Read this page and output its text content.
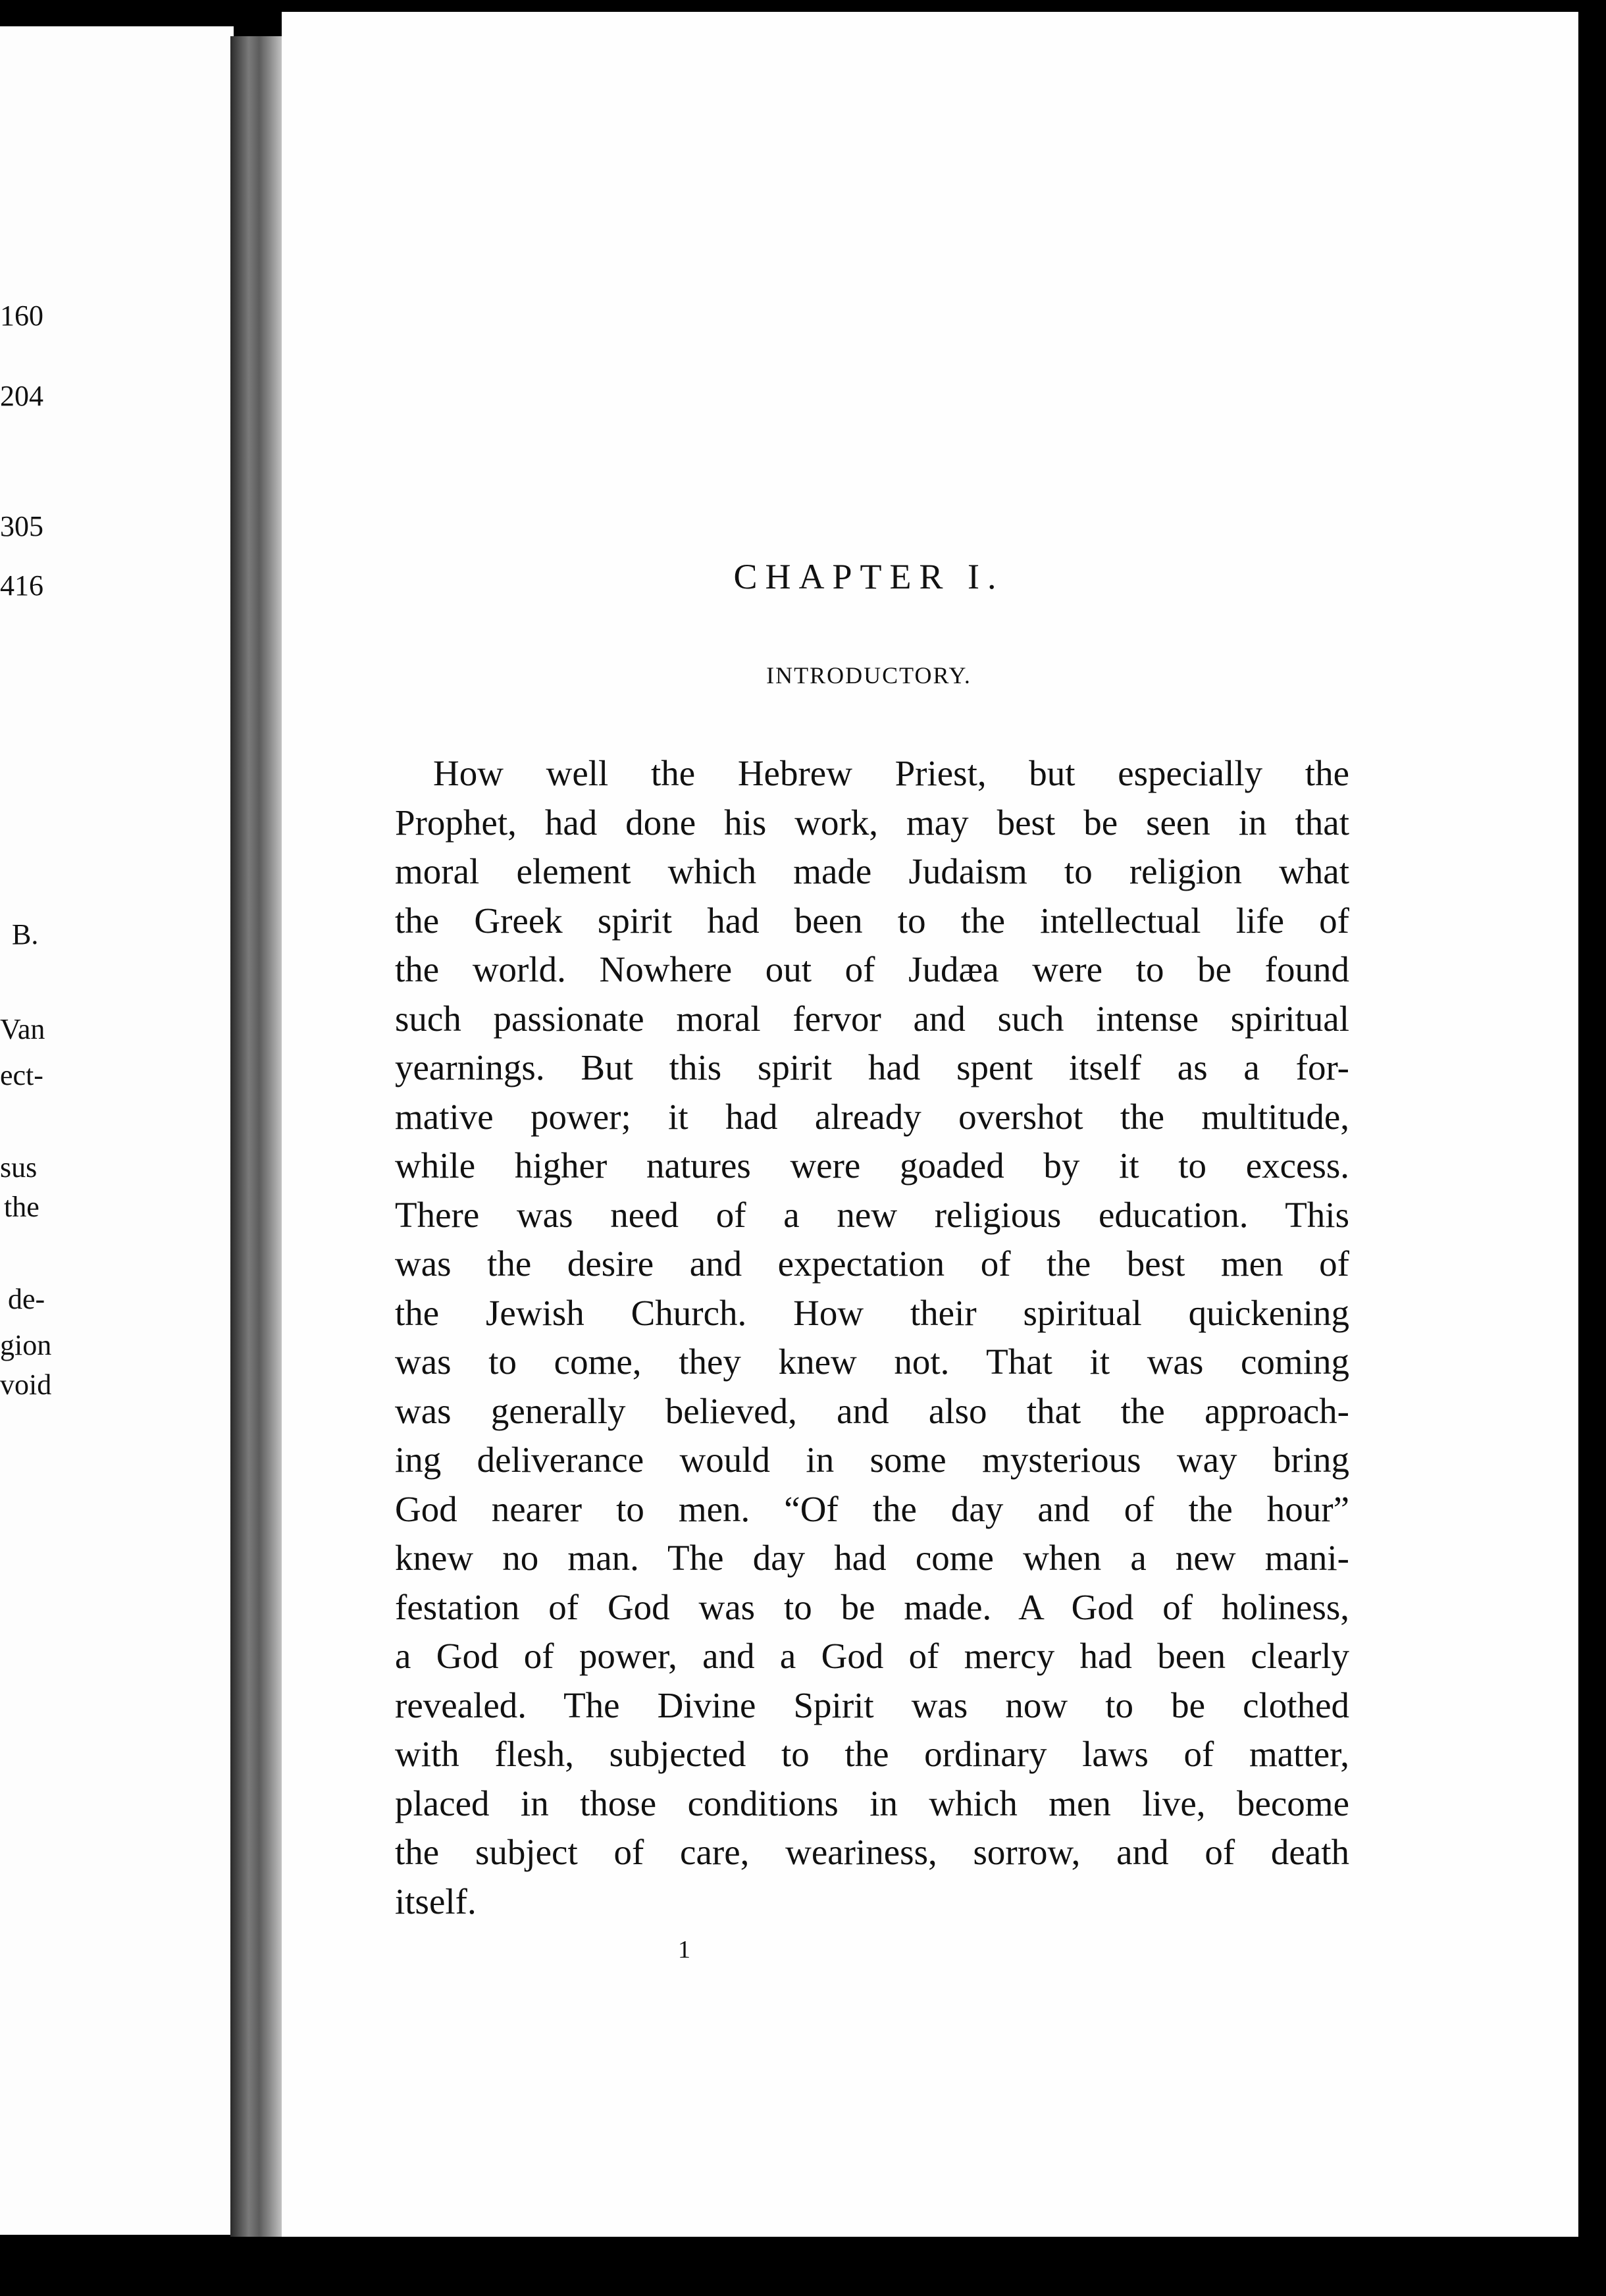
160
204
305
416
B.
Van
ect-
sus
the
de-
gion
void
CHAPTER I.
INTRODUCTORY.
How well the Hebrew Priest, but especially the
Prophet, had done his work, may best be seen in that
moral element which made Judaism to religion what
the Greek spirit had been to the intellectual life of
the world. Nowhere out of Judæa were to be found
such passionate moral fervor and such intense spiritual
yearnings. But this spirit had spent itself as a for-
mative power; it had already overshot the multitude,
while higher natures were goaded by it to excess.
There was need of a new religious education. This
was the desire and expectation of the best men of
the Jewish Church. How their spiritual quickening
was to come, they knew not. That it was coming
was generally believed, and also that the approach-
ing deliverance would in some mysterious way bring
God nearer to men. “Of the day and of the hour”
knew no man. The day had come when a new mani-
festation of God was to be made. A God of holiness,
a God of power, and a God of mercy had been clearly
revealed. The Divine Spirit was now to be clothed
with flesh, subjected to the ordinary laws of matter,
placed in those conditions in which men live, become
the subject of care, weariness, sorrow, and of death
itself.
1
